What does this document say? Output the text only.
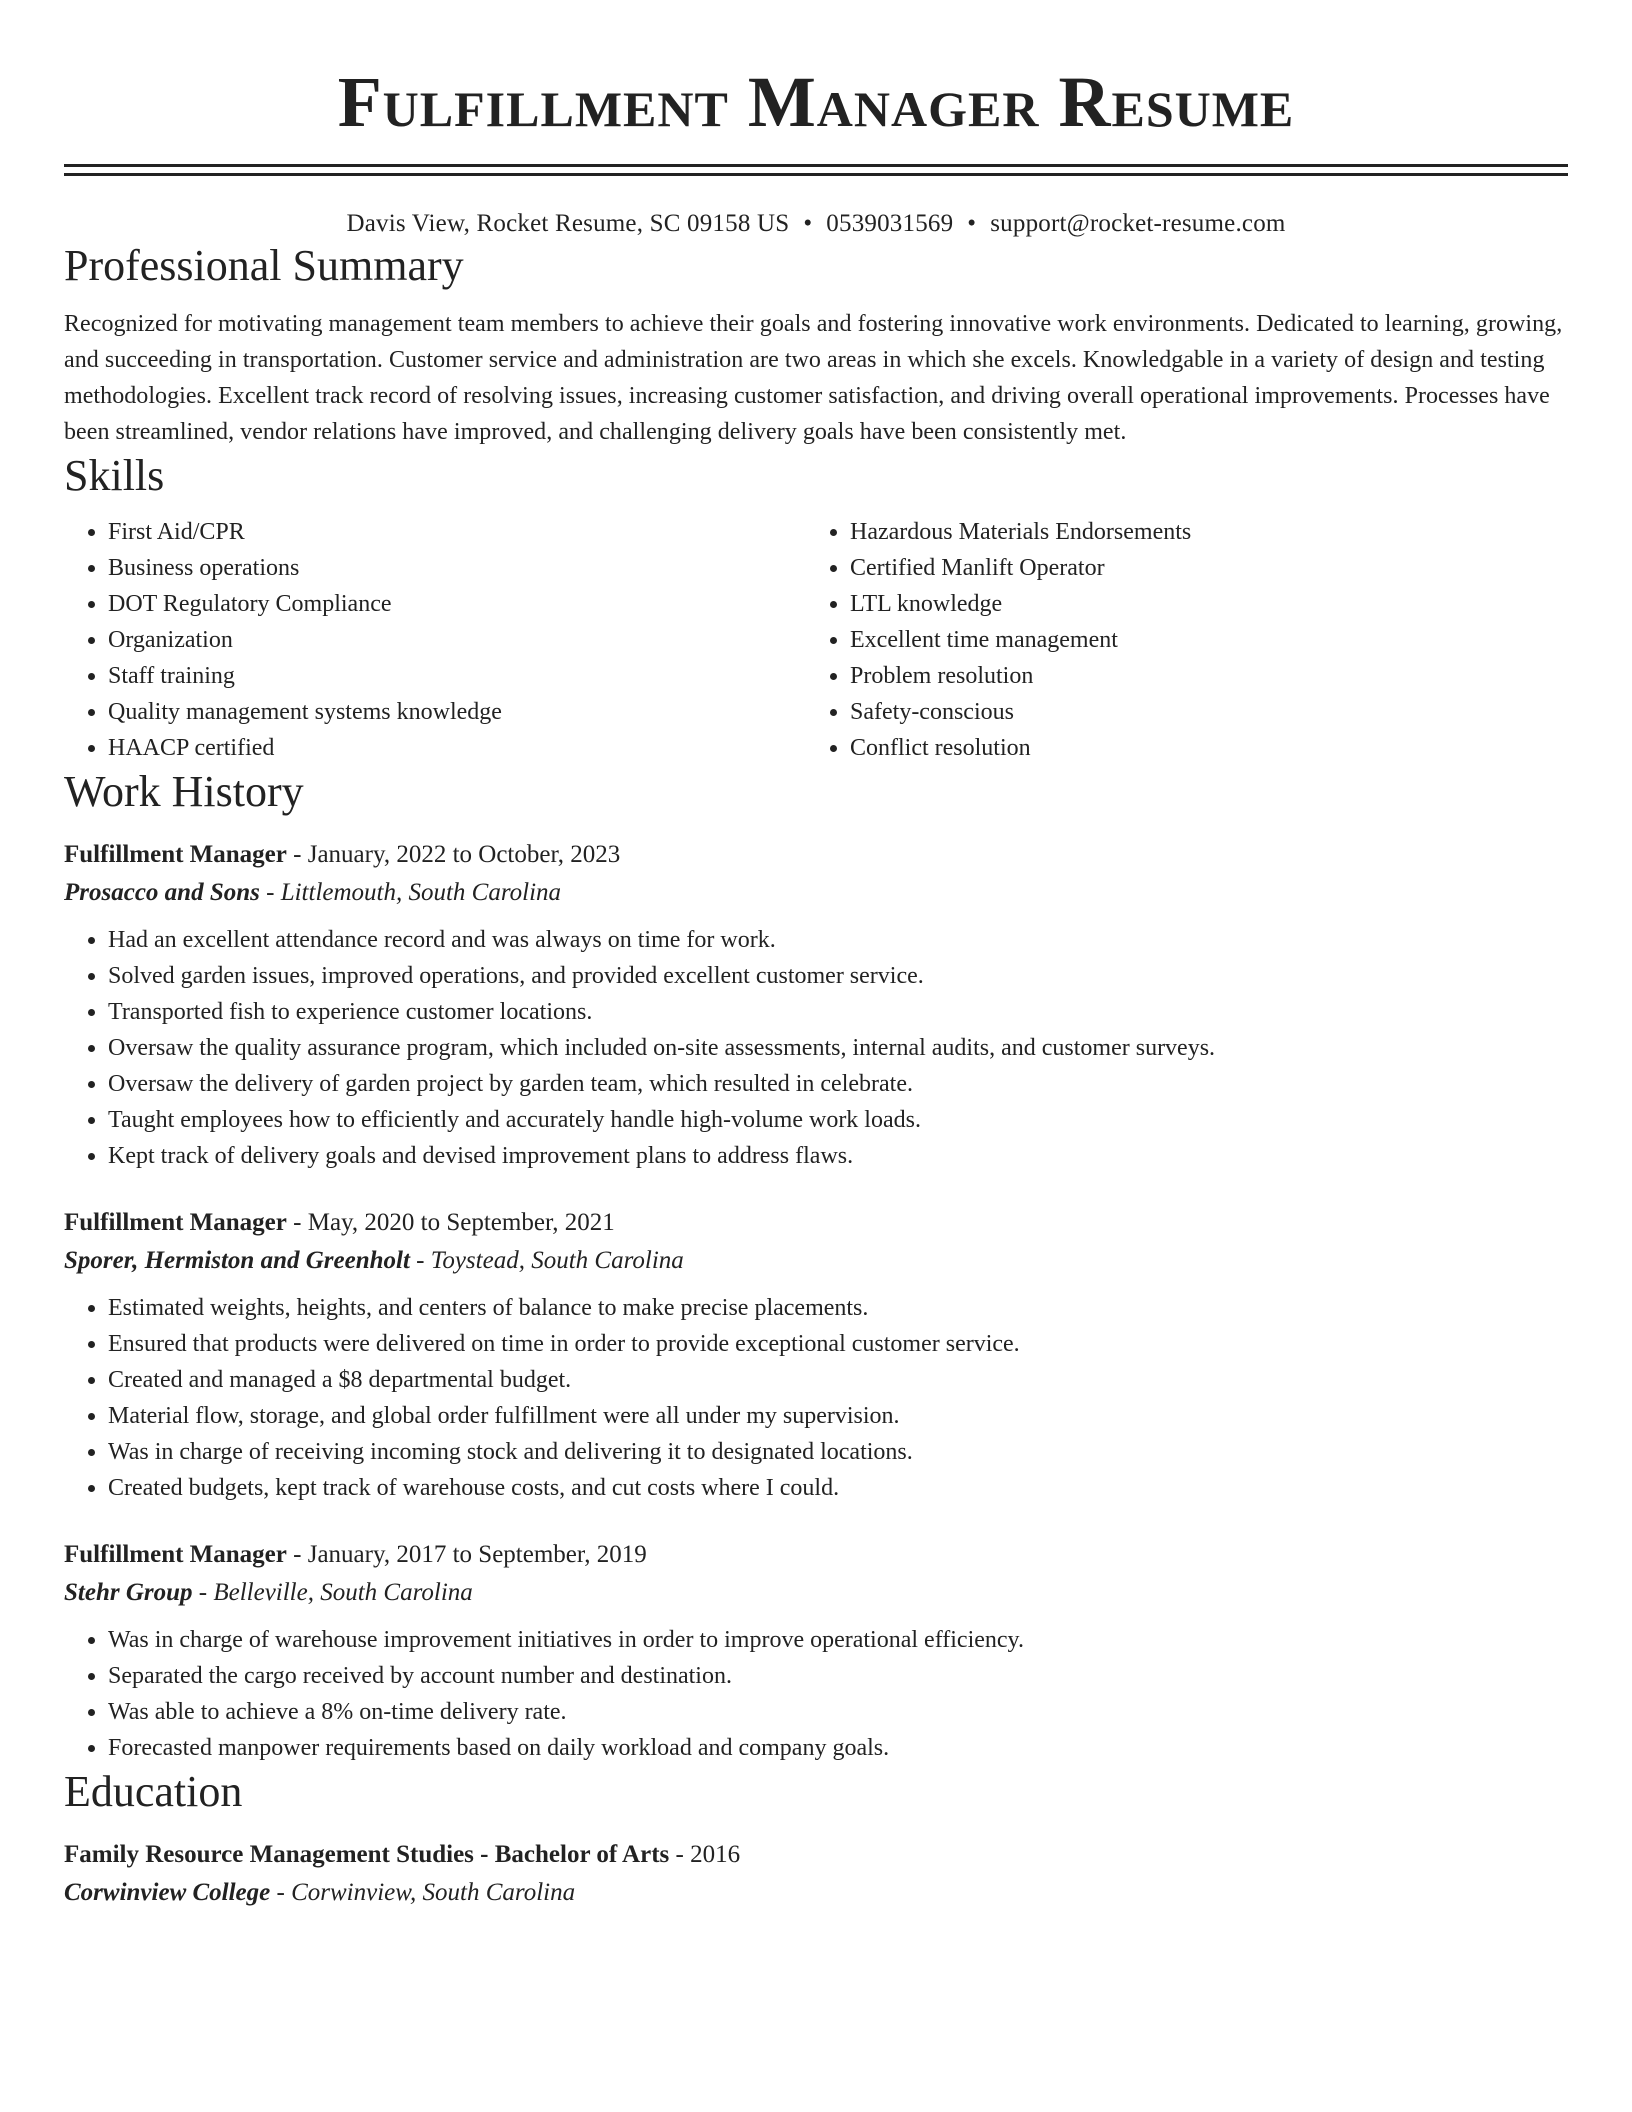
Fulfillment Manager Resume
Davis View, Rocket Resume, SC 09158 US • 0539031569 • support@rocket-resume.com
Professional Summary
Recognized for motivating management team members to achieve their goals and fostering innovative work environments. Dedicated to learning, growing, and succeeding in transportation. Customer service and administration are two areas in which she excels. Knowledgable in a variety of design and testing methodologies. Excellent track record of resolving issues, increasing customer satisfaction, and driving overall operational improvements. Processes have been streamlined, vendor relations have improved, and challenging delivery goals have been consistently met.
Skills
• First Aid/CPR
• Business operations
• DOT Regulatory Compliance
• Organization
• Staff training
• Quality management systems knowledge
• HAACP certified
• Hazardous Materials Endorsements
• Certified Manlift Operator
• LTL knowledge
• Excellent time management
• Problem resolution
• Safety-conscious
• Conflict resolution
Work History
Fulfillment Manager - January, 2022 to October, 2023
Prosacco and Sons - Littlemouth, South Carolina
• Had an excellent attendance record and was always on time for work.
• Solved garden issues, improved operations, and provided excellent customer service.
• Transported fish to experience customer locations.
• Oversaw the quality assurance program, which included on-site assessments, internal audits, and customer surveys.
• Oversaw the delivery of garden project by garden team, which resulted in celebrate.
• Taught employees how to efficiently and accurately handle high-volume work loads.
• Kept track of delivery goals and devised improvement plans to address flaws.
Fulfillment Manager - May, 2020 to September, 2021
Sporer, Hermiston and Greenholt - Toystead, South Carolina
• Estimated weights, heights, and centers of balance to make precise placements.
• Ensured that products were delivered on time in order to provide exceptional customer service.
• Created and managed a $8 departmental budget.
• Material flow, storage, and global order fulfillment were all under my supervision.
• Was in charge of receiving incoming stock and delivering it to designated locations.
• Created budgets, kept track of warehouse costs, and cut costs where I could.
Fulfillment Manager - January, 2017 to September, 2019
Stehr Group - Belleville, South Carolina
• Was in charge of warehouse improvement initiatives in order to improve operational efficiency.
• Separated the cargo received by account number and destination.
• Was able to achieve a 8% on-time delivery rate.
• Forecasted manpower requirements based on daily workload and company goals.
Education
Family Resource Management Studies - Bachelor of Arts - 2016
Corwinview College - Corwinview, South Carolina
